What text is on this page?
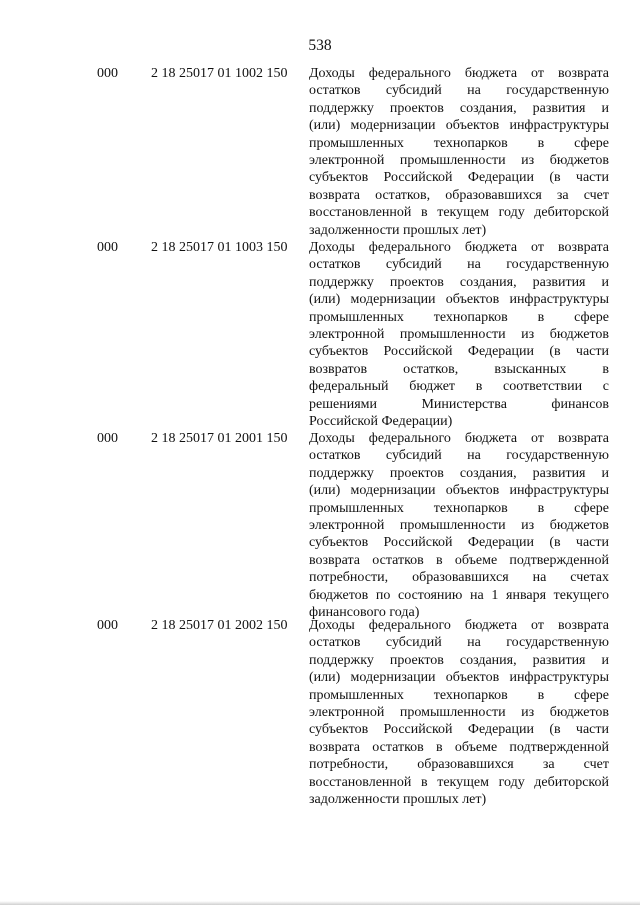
538
000 2 18 25017 01 1002 150 Доходы федерального бюджета от возврата
остатков субсидий на государственную
поддержку проектов создания, развития и
(или) модернизации объектов инфраструктуры
промышленных технопарков в сфере
электронной промышленности из бюджетов
субъектов Российской Федерации (в части
возврата остатков, образовавшихся за счет
восстановленной в текущем году дебиторской
задолженности прошлых лет)
000 2 18 25017 01 1003 150 Доходы федерального бюджета от возврата
остатков субсидий на государственную
поддержку проектов создания, развития и
(или) модернизации объектов инфраструктуры
промышленных технопарков в сфере
электронной промышленности из бюджетов
субъектов Российской Федерации (в части
возвратов остатков, взысканных в
федеральный бюджет в соответствии с
решениями Министерства финансов
Российской Федерации)
000 2 18 25017 01 2001 150 Доходы федерального бюджета от возврата
остатков субсидий на государственную
поддержку проектов создания, развития и
(или) модернизации объектов инфраструктуры
промышленных технопарков в сфере
электронной промышленности из бюджетов
субъектов Российской Федерации (в части
возврата остатков в объеме подтвержденной
потребности, образовавшихся на счетах
бюджетов по состоянию на 1 января текущего
финансового года)
000 2 18 25017 01 2002 150 Доходы федерального бюджета от возврата
остатков субсидий на государственную
поддержку проектов создания, развития и
(или) модернизации объектов инфраструктуры
промышленных технопарков в сфере
электронной промышленности из бюджетов
субъектов Российской Федерации (в части
возврата остатков в объеме подтвержденной
потребности, образовавшихся за счет
восстановленной в текущем году дебиторской
задолженности прошлых лет)
